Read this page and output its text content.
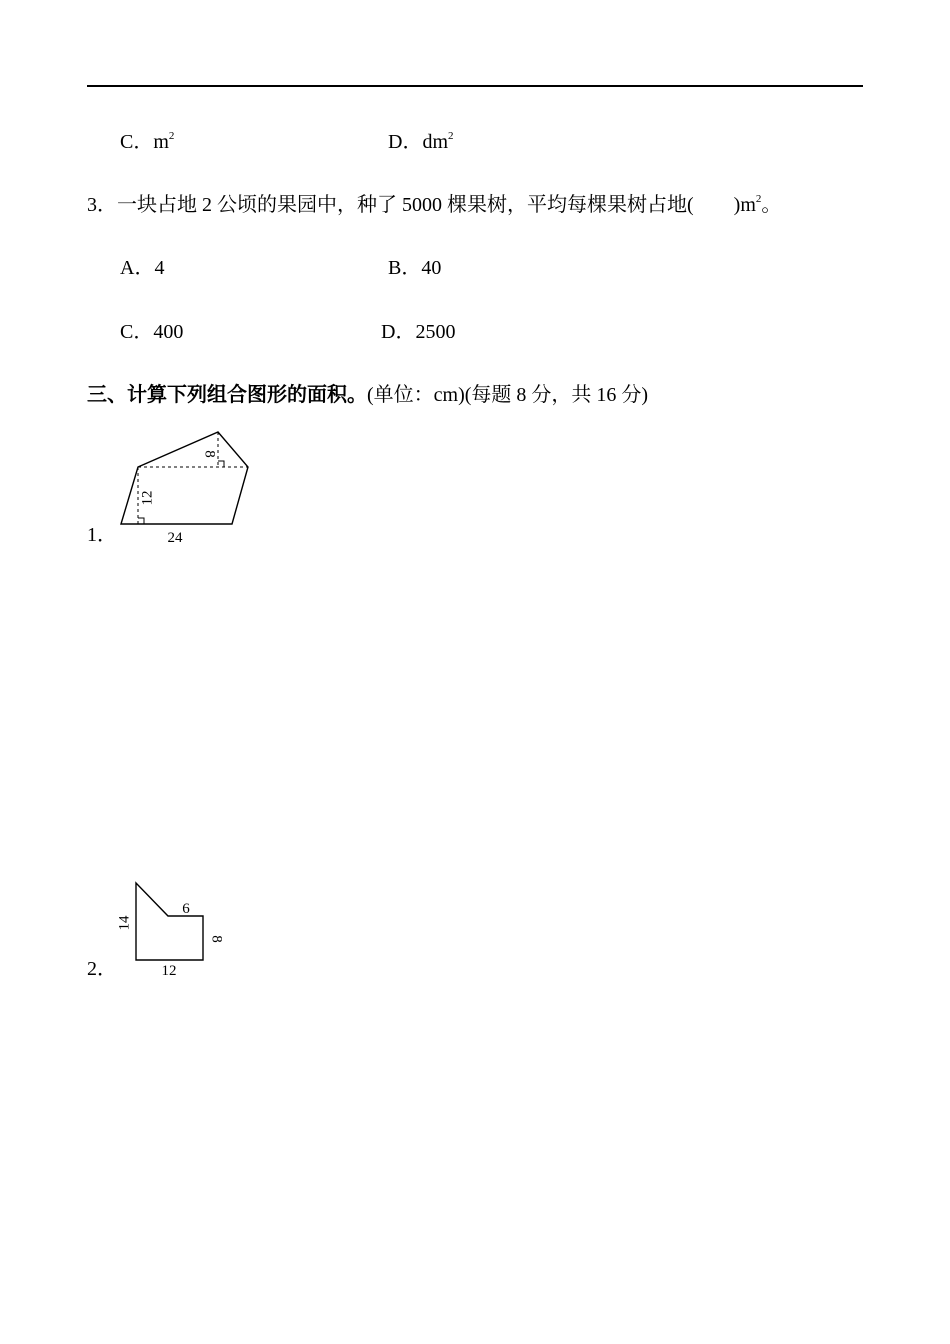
C．$m^2$	D．$dm^2$
3．一块占地 2 公顷的果园中，种了 5000 棵果树，平均每棵果树占地(　　)$m^2$。
A．4	B．40
C．400	D．2500
三、计算下列组合图形的面积。(单位：cm)(每题 8 分，共 16 分)
1．
8
12
24
2．
14
6
8
12
